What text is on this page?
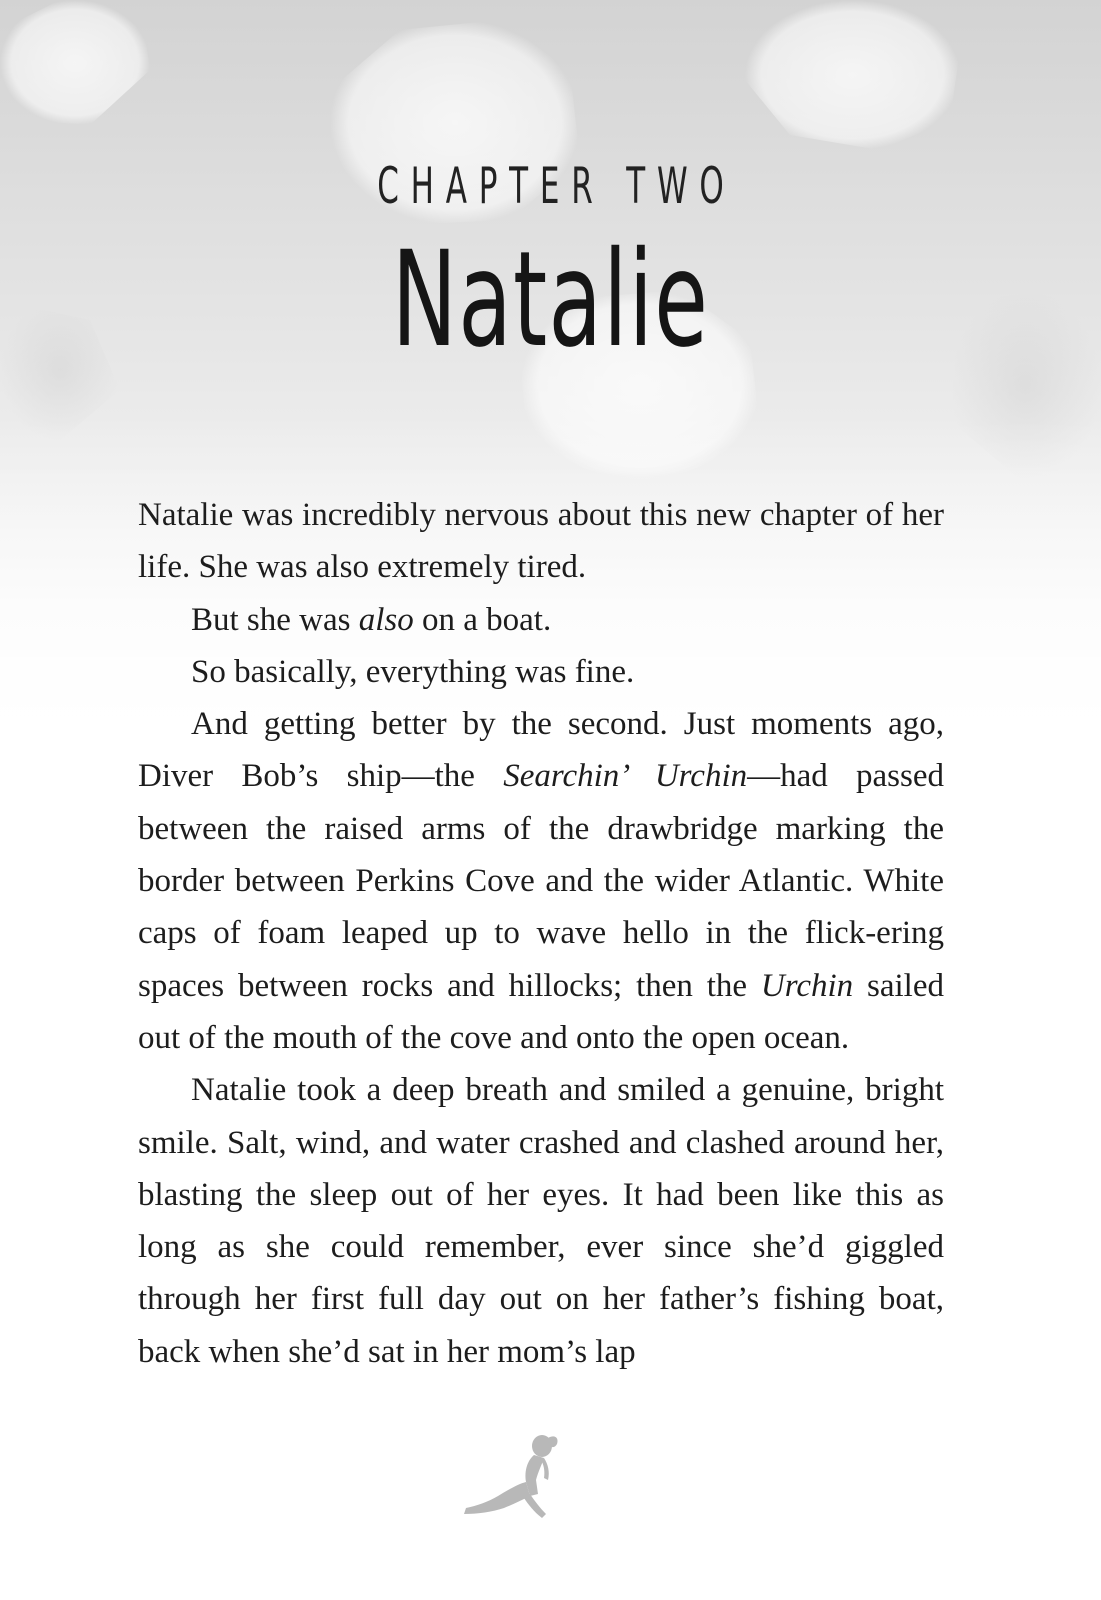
CHAPTER TWO
Natalie

Natalie was incredibly nervous about this new chapter of her life. She was also extremely tired.

But she was also on a boat.

So basically, everything was fine.

And getting better by the second. Just moments ago, Diver Bob’s ship—the Searchin’ Urchin—had passed between the raised arms of the drawbridge marking the border between Perkins Cove and the wider Atlantic. White caps of foam leaped up to wave hello in the flick-ering spaces between rocks and hillocks; then the Urchin sailed out of the mouth of the cove and onto the open ocean.

Natalie took a deep breath and smiled a genuine, bright smile. Salt, wind, and water crashed and clashed around her, blasting the sleep out of her eyes. It had been like this as long as she could remember, ever since she’d giggled through her first full day out on her father’s fishing boat, back when she’d sat in her mom’s lap
